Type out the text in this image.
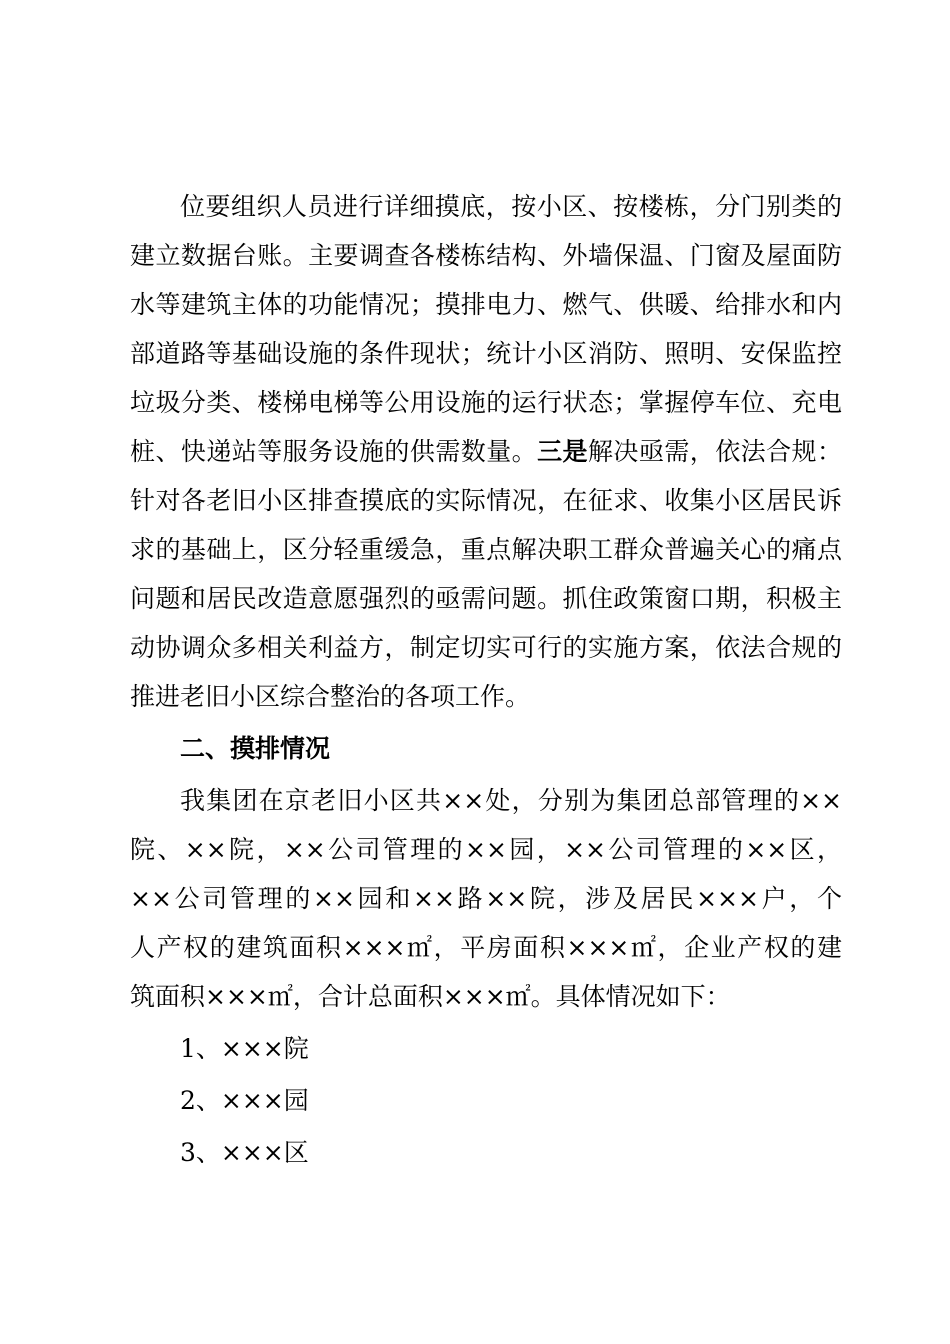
位要组织人员进行详细摸底，按小区、按楼栋，分门别类的
建立数据台账。主要调查各楼栋结构、外墙保温、门窗及屋面防
水等建筑主体的功能情况；摸排电力、燃气、供暖、给排水和内
部道路等基础设施的条件现状；统计小区消防、照明、安保监控
垃圾分类、楼梯电梯等公用设施的运行状态；掌握停车位、充电
桩、快递站等服务设施的供需数量。三是解决亟需，依法合规：
针对各老旧小区排查摸底的实际情况，在征求、收集小区居民诉
求的基础上，区分轻重缓急，重点解决职工群众普遍关心的痛点
问题和居民改造意愿强烈的亟需问题。抓住政策窗口期，积极主
动协调众多相关利益方，制定切实可行的实施方案，依法合规的
推进老旧小区综合整治的各项工作。
二、摸排情况
我集团在京老旧小区共××处，分别为集团总部管理的××
院、××院，××公司管理的××园，××公司管理的××区，
××公司管理的××园和××路××院，涉及居民×××户，个
人产权的建筑面积×××㎡，平房面积×××㎡，企业产权的建
筑面积×××㎡，合计总面积×××㎡。具体情况如下：
1、×××院
2、×××园
3、×××区
